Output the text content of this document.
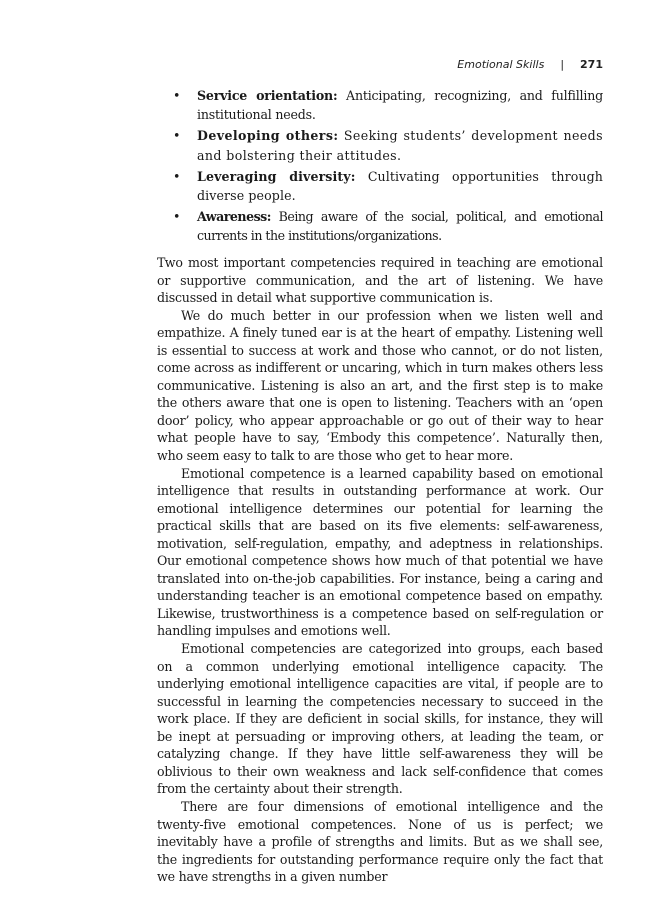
Emotional Skills | 271
• Service orientation: Anticipating, recognizing, and fulfilling institutional needs.
• Developing others: Seeking students’ development needs and bolstering their attitudes.
• Leveraging diversity: Cultivating opportunities through diverse people.
• Awareness: Being aware of the social, political, and emotional currents in the institutions/organizations.

Two most important competencies required in teaching are emotional or supportive communication, and the art of listening. We have discussed in detail what supportive communication is.

We do much better in our profession when we listen well and empathize. A finely tuned ear is at the heart of empathy. Listening well is essential to success at work and those who cannot, or do not listen, come across as indifferent or uncaring, which in turn makes others less communicative. Listening is also an art, and the first step is to make the others aware that one is open to listening. Teachers with an ‘open door’ policy, who appear approachable or go out of their way to hear what people have to say, ‘Embody this competence’. Naturally then, who seem easy to talk to are those who get to hear more.

Emotional competence is a learned capability based on emotional intelligence that results in outstanding performance at work. Our emotional intelligence determines our potential for learning the practical skills that are based on its five elements: self-awareness, motivation, self-regulation, empathy, and adeptness in relationships. Our emotional competence shows how much of that potential we have translated into on-the-job capabilities. For instance, being a caring and understanding teacher is an emotional competence based on empathy. Likewise, trustworthiness is a competence based on self-regulation or handling impulses and emotions well.

Emotional competencies are categorized into groups, each based on a common underlying emotional intelligence capacity. The underlying emotional intelligence capacities are vital, if people are to successful in learning the competencies necessary to succeed in the work place. If they are deficient in social skills, for instance, they will be inept at persuading or improving others, at leading the team, or catalyzing change. If they have little self-awareness they will be oblivious to their own weakness and lack self-confidence that comes from the certainty about their strength.

There are four dimensions of emotional intelligence and the twenty-five emotional competences. None of us is perfect; we inevitably have a profile of strengths and limits. But as we shall see, the ingredients for outstanding performance require only the fact that we have strengths in a given number
